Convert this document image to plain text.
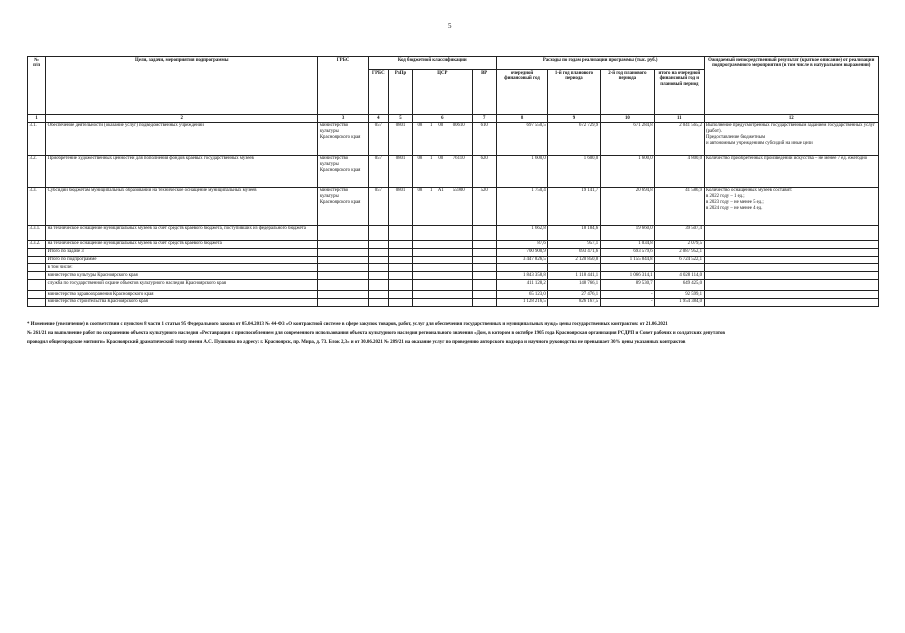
5
№
п/п	Цели, задачи, мероприятия подпрограммы	ГРБС	Код бюджетной классификации							Расходы по годам реализации программы (тыс. руб.)				Ожидаемый непосредственный результат (краткое описание) от реализации подпрограммного мероприятия (в том числе в натуральном выражении)
			ГРБС	РзПр	ЦСР				ВР	очередной финансовый год	1-й год планового периода	2-й год планового периода	итого на очередной финансовый год и плановый период	
1	2	3	4	5	6				7	8	9	10	11	12
3.1.	Обеспечение деятельности (оказание услуг) подведомственных учреждений	министерство культуры Красноярского края	057	0801	08	1	00	00610	610	697 550,5	672 729,9	671 284,8	2 041 565,2	Выполнение предусмотренных государственным заданием государственных услуг (работ).
Предоставление бюджетным
и автономным учреждениям субсидий на иные цели
3.2.	Приобретение художественных ценностей для пополнения фондов краевых государственных музеев	министерство культуры Красноярского края	057	0801	08	1	00	76110	620	1 600,0	1 600,0	1 600,0	4 800,0	Количество приобретенных произведений искусства – не менее 7 ед. ежегодно
3.3.	Субсидии бюджетам муниципальных образований на техническое оснащение муниципальных музеев	министерство культуры Красноярского края	057	0801	08	1	A1	55900	520	1 750,4	19 141,7	20 694,8	41 586,9	Количество оснащенных музеев составит:
в 2022 году – 1 ед.;
в 2023 году – не менее 5 ед.;
в 2024 году – не менее 4 ед.
3.3.1.	на техническое оснащение муниципальных музеев за счет средств краевого бюджета, поступивших из федерального бюджета									1 662,8	18 184,6	19 660,0	39 507,4	
3.3.2.	на техническое оснащение муниципальных музеев за счет средств краевого бюджета									87,6	957,1	1 034,8	2 079,5	
	Итого по задаче 3									700 900,9	693 471,6	693 579,6	2 087 952,1	
	Итого по подпрограмме									3 447 826,5	2 120 850,8	1 155 844,8	6 724 522,1	
	в том числе:													
	министерство культуры Красноярского края									1 843 358,8	1 118 441,1	1 066 314,1	4 028 114,0	
	служба по государственной охране объектов культурного наследия Красноярского края									411 128,2	148 766,1	89 530,7	649 425,0	
	министерство здравоохранения Красноярского края									65 123,0	27 476,1	-	92 599,1	
	министерство строительства Красноярского края									1 128 216,5	826 167,5	-	1 954 384,0	
* Изменение (увеличение) в соответствии с пунктом 8 части 1 статьи 95 Федерального закона от 05.04.2013 № 44-ФЗ «О контрактной системе в сфере закупок товаров, работ, услуг для обеспечения государственных и муниципальных нужд» цены государственных контрактов: от 21.06.2021
№ 261/21 на выполнение работ по сохранению объекта культурного наследия «Реставрация с приспособлением для современного использования объекта культурного наследия регионального значения «Дом, в котором в октябре 1905 года Красноярская организация РСДРП и Совет рабочих и солдатских депутатов
проводил общегородские митинги» Красноярский драматический театр имени А.С. Пушкина по адресу: г. Красноярск, пр. Мира, д. 73. Блок 2,3» и от 30.06.2021 № 289/21 на оказание услуг по проведению авторского надзора и научного руководства не превышает 30% цены указанных контрактов
